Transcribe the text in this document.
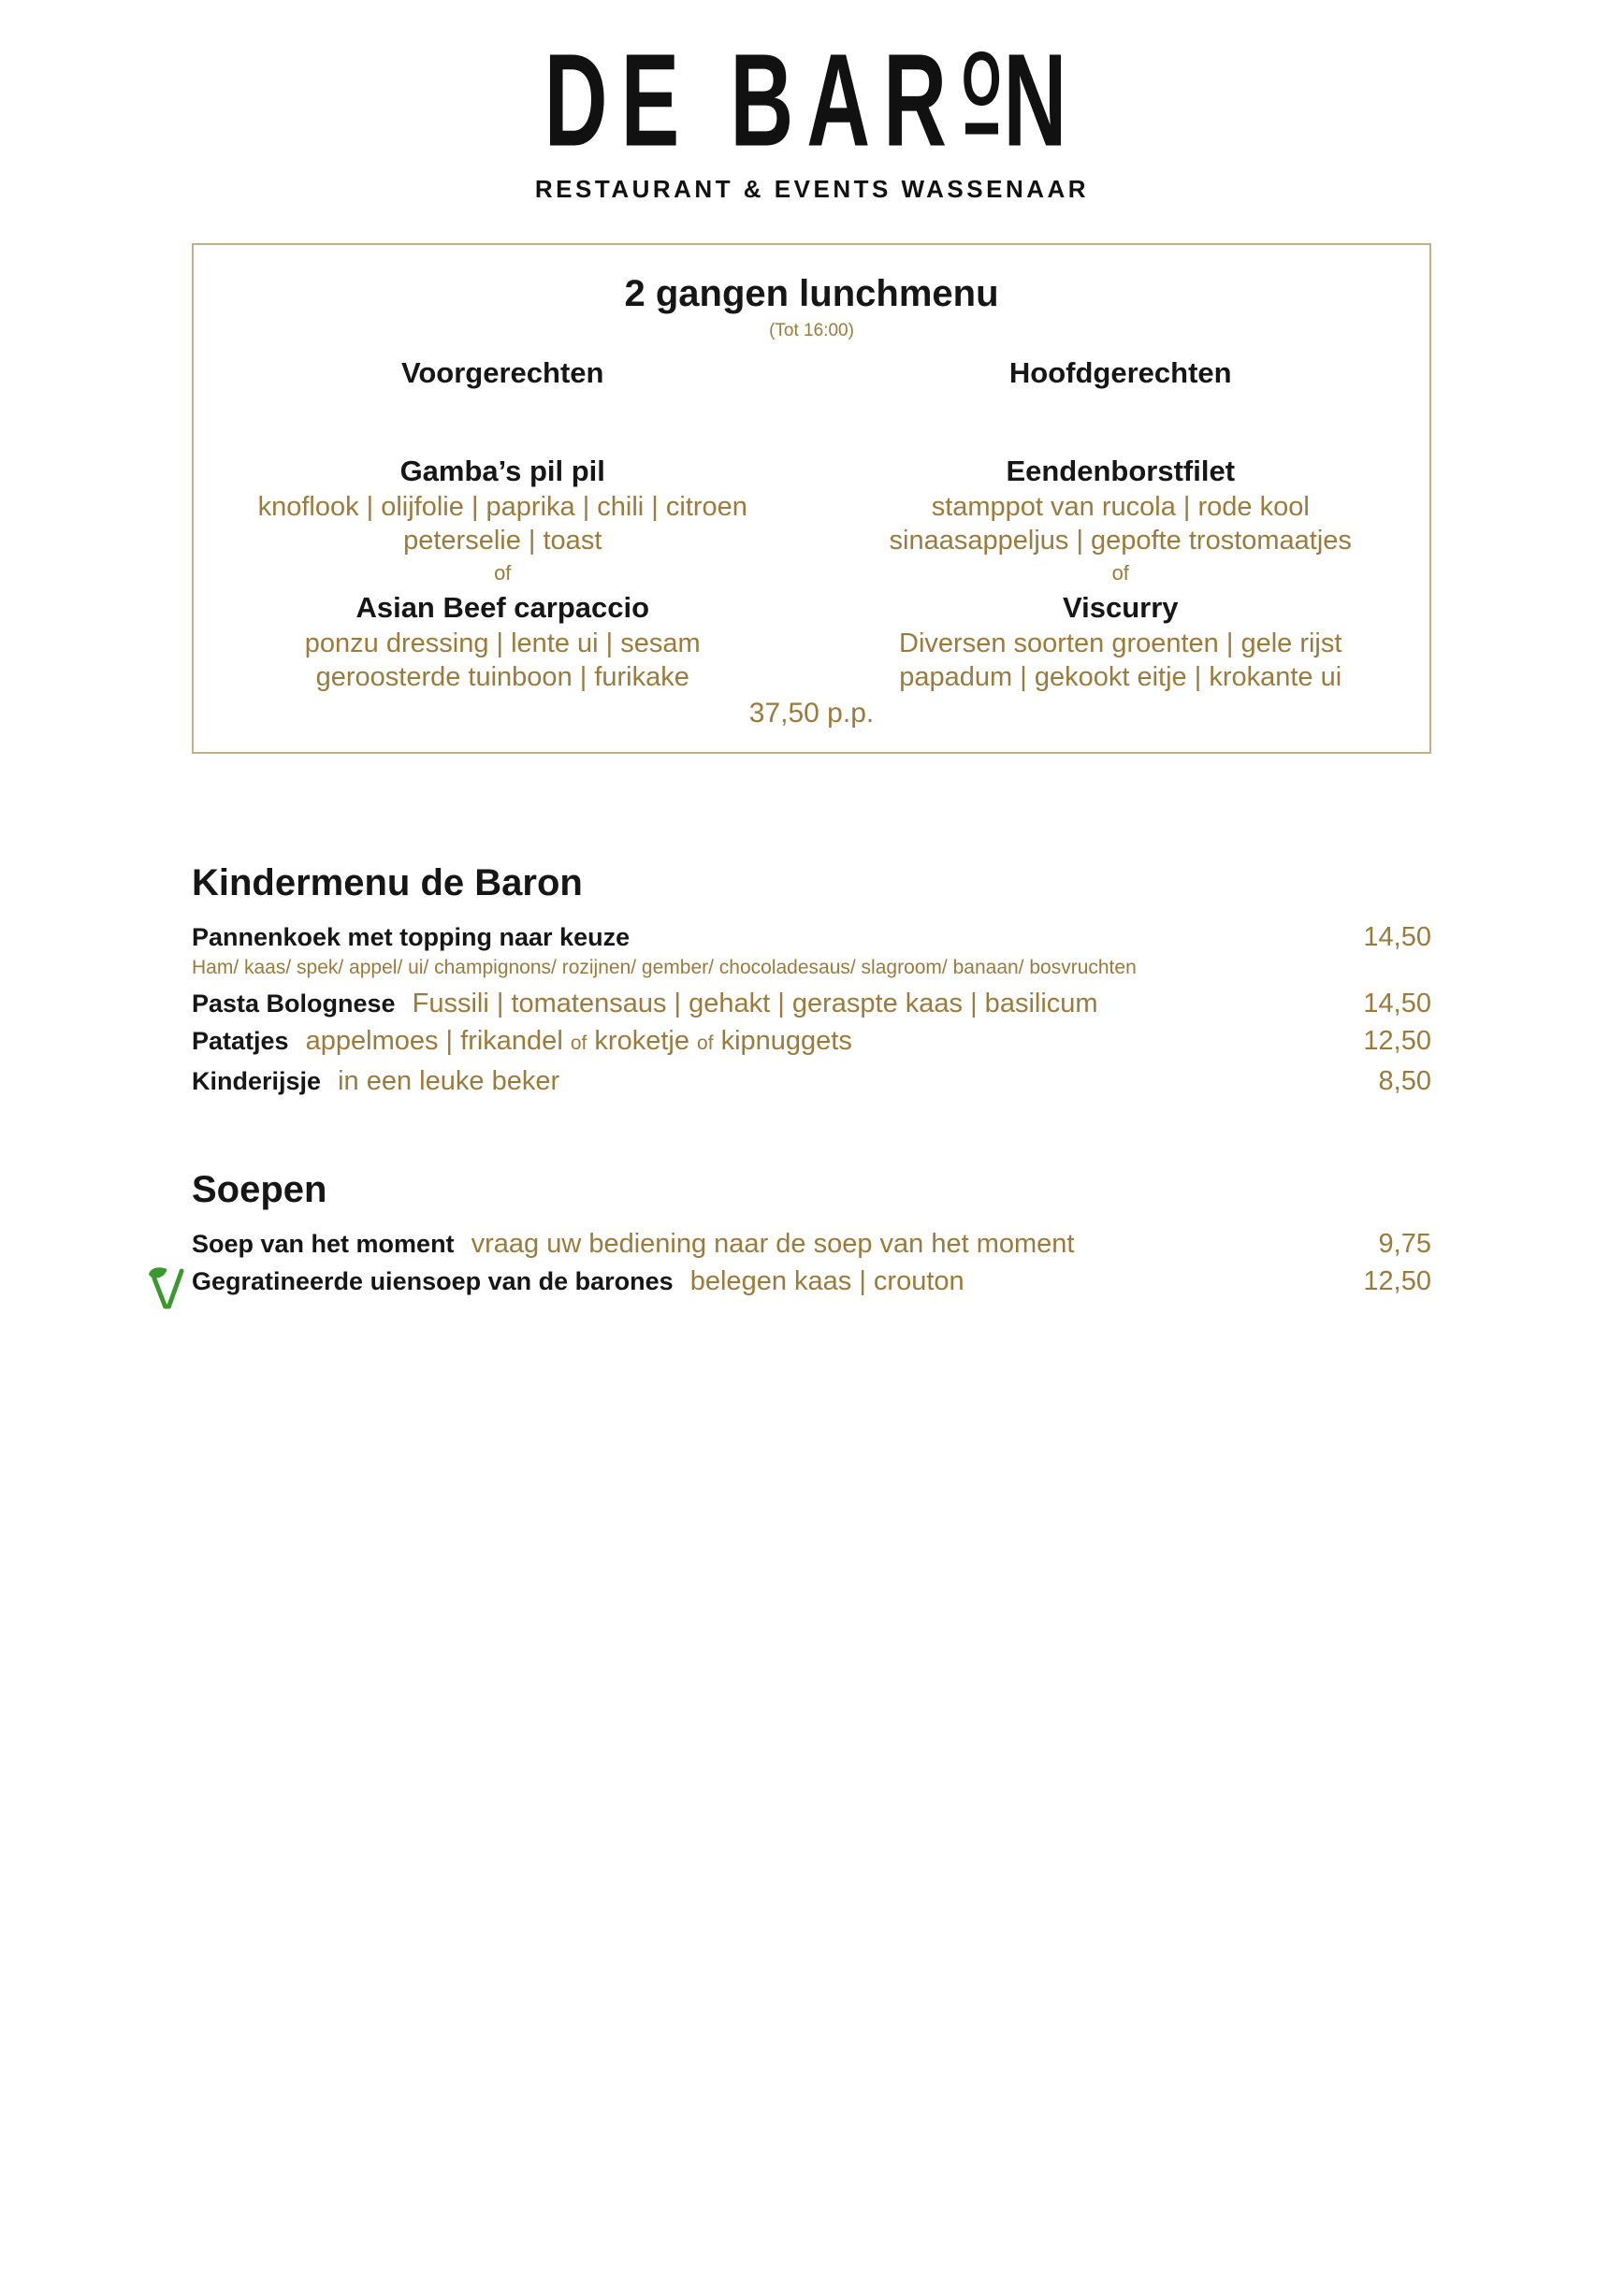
DE BAR O N
RESTAURANT & EVENTS WASSENAAR
2 gangen lunchmenu
(Tot 16:00)
Voorgerechten
Gamba’s pil pil

knoflook | olijfolie | paprika | chili | citroen

peterselie | toast

of

Asian Beef carpaccio

ponzu dressing | lente ui | sesam

geroosterde tuinboon | furikake

Hoofdgerechten
Eendenborstfilet

stamppot van rucola | rode kool

sinaasappeljus | gepofte trostomaatjes

of

Viscurry

Diversen soorten groenten | gele rijst

papadum | gekookt eitje | krokante ui

37,50 p.p.
Kindermenu de Baron
Pannenkoek met topping naar keuze	14,50
Ham/ kaas/ spek/ appel/ ui/ champignons/ rozijnen/ gember/ chocoladesaus/ slagroom/ banaan/ bosvruchten
Pasta Bolognese Fussili | tomatensaus | gehakt | geraspte kaas | basilicum	14,50
Patatjes appelmoes | frikandel of kroketje of kipnuggets	12,50
Kinderijsje in een leuke beker	8,50
Soepen
Soep van het moment vraag uw bediening naar de soep van het moment	9,75
Gegratineerde uiensoep van de barones belegen kaas | crouton	12,50
